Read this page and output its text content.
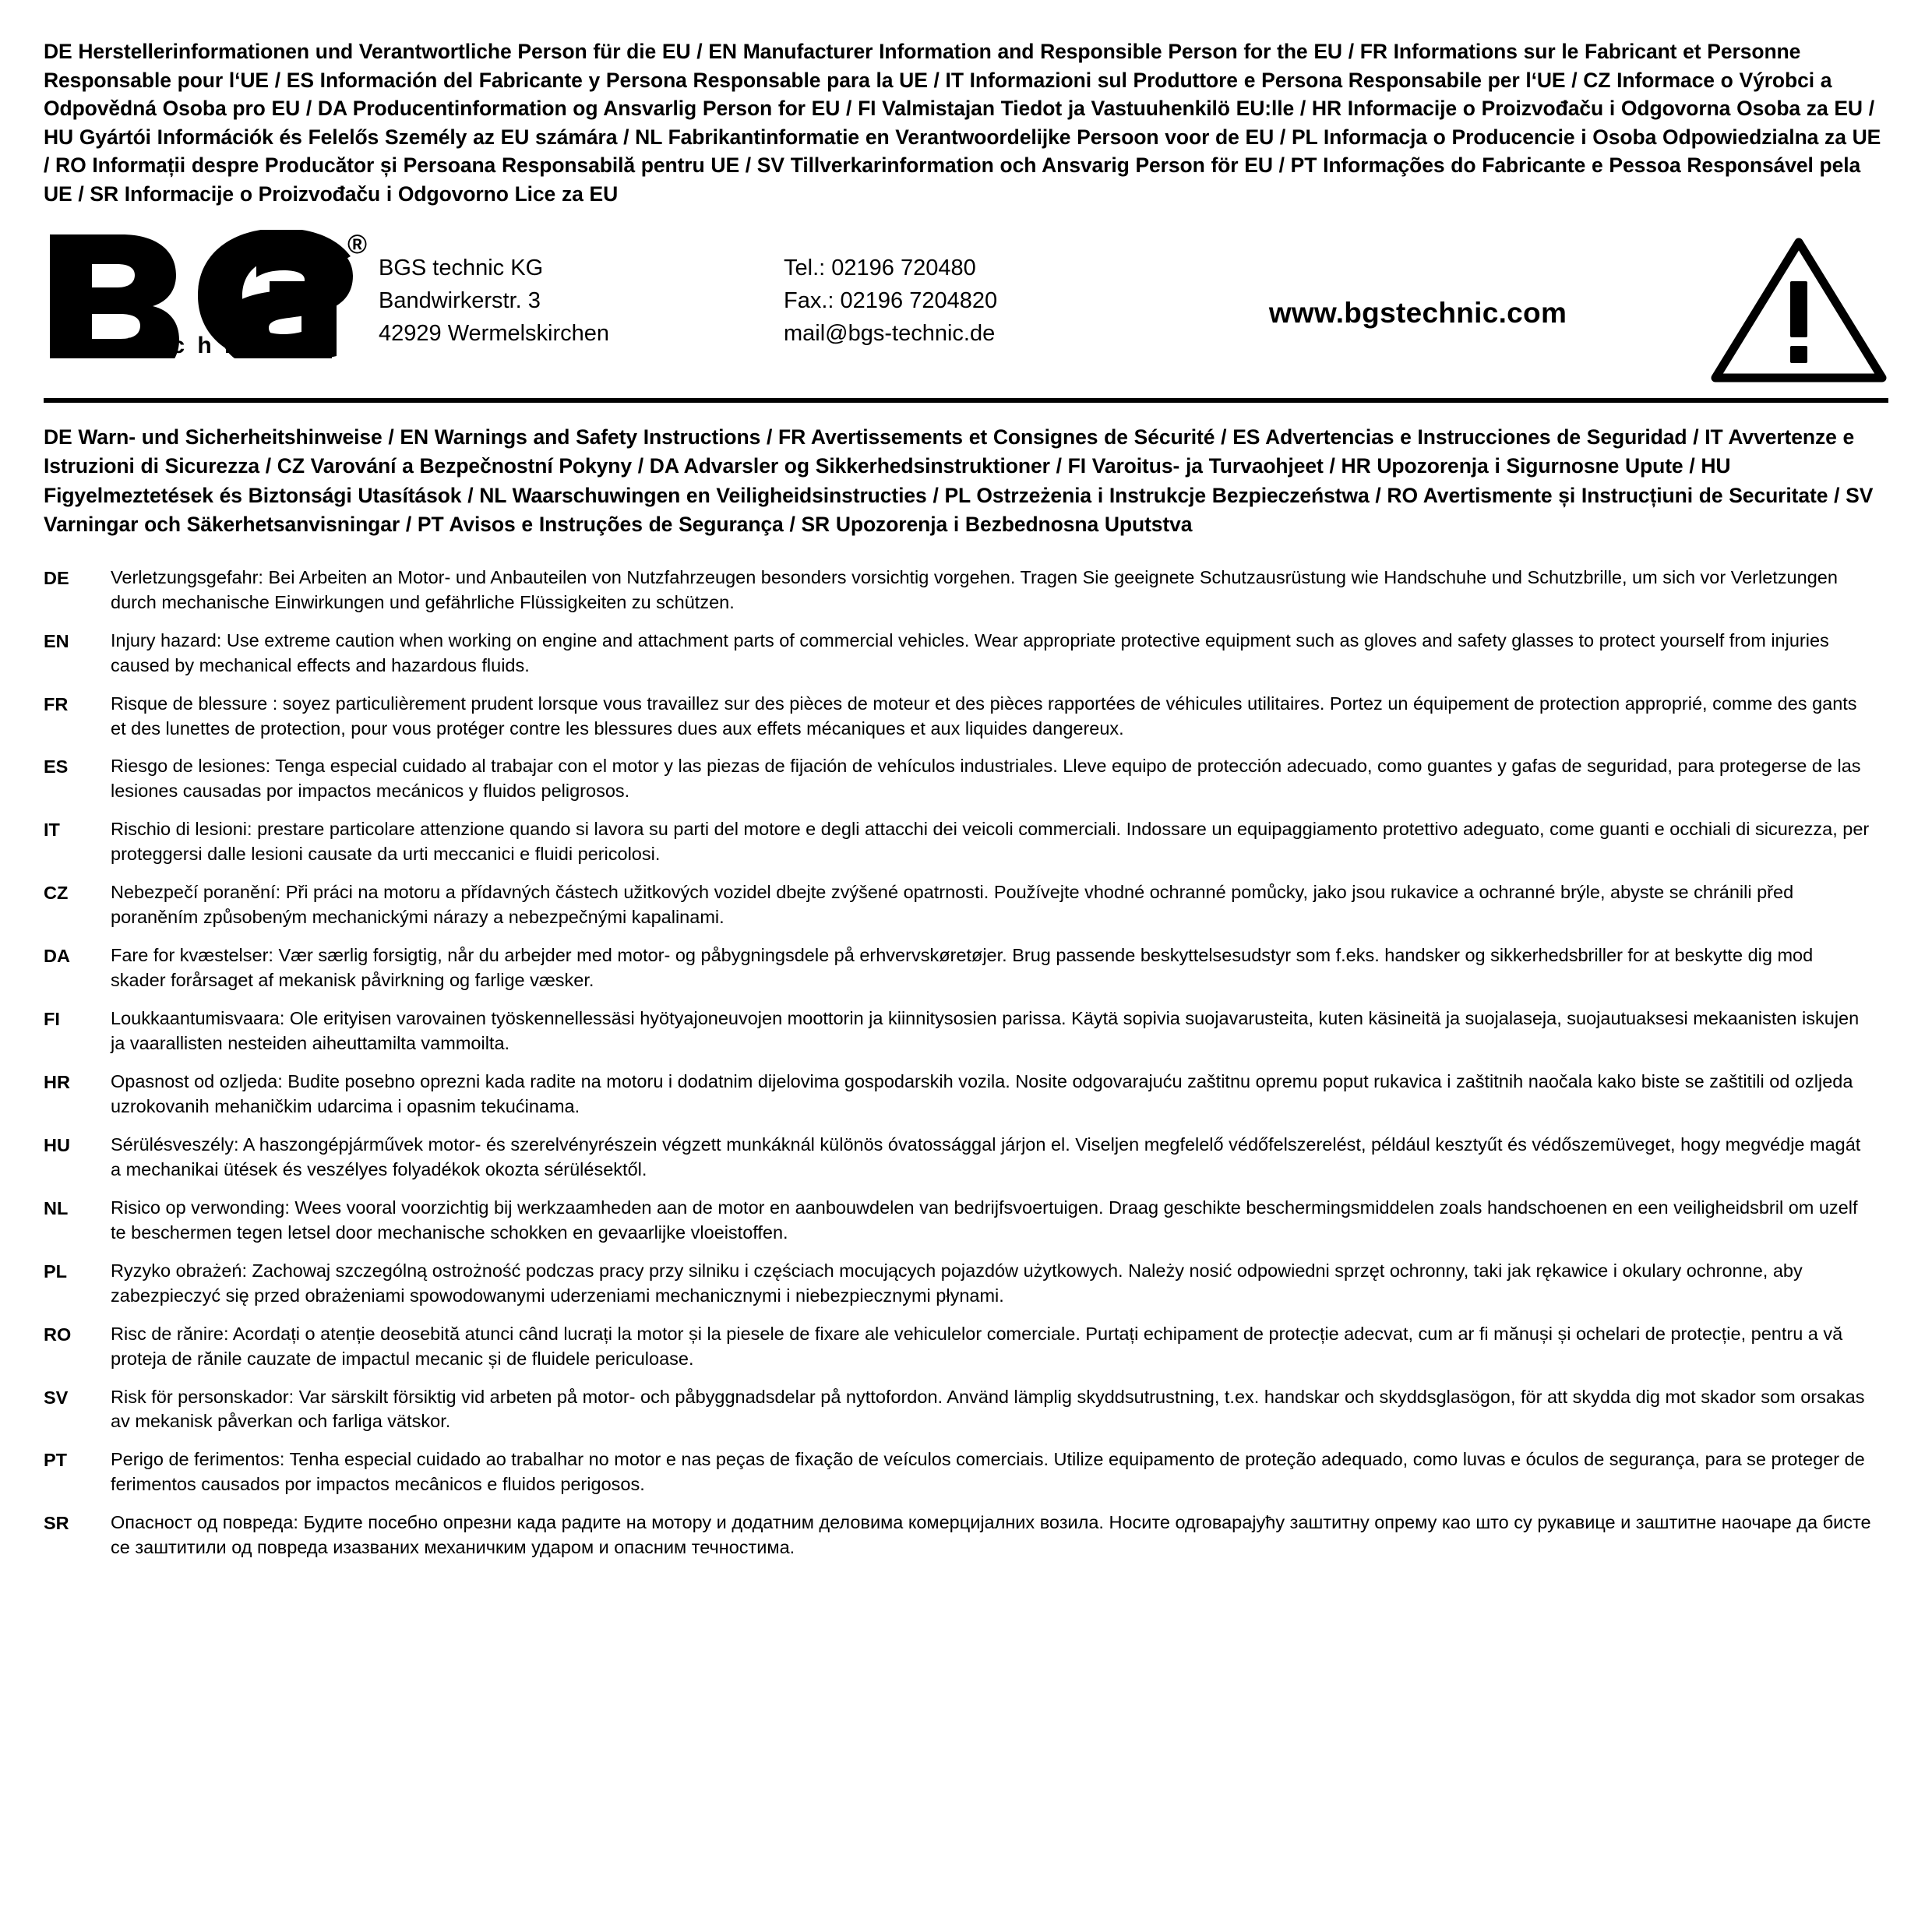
DE Herstellerinformationen und Verantwortliche Person für die EU / EN Manufacturer Information and Responsible Person for the EU / FR Informations sur le Fabricant et Personne Responsable pour l‘UE / ES Información del Fabricante y Persona Responsable para la UE / IT Informazioni sul Produttore e Persona Responsabile per l‘UE / CZ Informace o Výrobci a Odpovědná Osoba pro EU / DA Producentinformation og Ansvarlig Person for EU / FI Valmistajan Tiedot ja Vastuuhenkilö EU:lle / HR Informacije o Proizvođaču i Odgovorna Osoba za EU / HU Gyártói Információk és Felelős Személy az EU számára / NL Fabrikantinformatie en Verantwoordelijke Persoon voor de EU / PL Informacja o Producencie i Osoba Odpowiedzialna za UE / RO Informații despre Producător și Persoana Responsabilă pentru UE / SV Tillverkarinformation och Ansvarig Person för EU / PT Informações do Fabricante e Pessoa Responsável pela UE / SR Informacije o Proizvođaču i Odgovorno Lice za EU
®
t e c h n i c
BGS technic KG
Bandwirkerstr. 3
42929 Wermelskirchen
Tel.: 02196 720480
Fax.: 02196 7204820
mail@bgs-technic.de
www.bgstechnic.com
DE Warn- und Sicherheitshinweise / EN Warnings and Safety Instructions / FR Avertissements et Consignes de Sécurité / ES Advertencias e Instrucciones de Seguridad / IT Avvertenze e Istruzioni di Sicurezza / CZ Varování a Bezpečnostní Pokyny / DA Advarsler og Sikkerhedsinstruktioner / FI Varoitus- ja Turvaohjeet / HR Upozorenja i Sigurnosne Upute / HU Figyelmeztetések és Biztonsági Utasítások / NL Waarschuwingen en Veiligheidsinstructies / PL Ostrzeżenia i Instrukcje Bezpieczeństwa / RO Avertismente și Instrucțiuni de Securitate / SV Varningar och Säkerhetsanvisningar / PT Avisos e Instruções de Segurança / SR Upozorenja i Bezbednosna Uputstva
DE	Verletzungsgefahr: Bei Arbeiten an Motor- und Anbauteilen von Nutzfahrzeugen besonders vorsichtig vorgehen. Tragen Sie geeignete Schutzausrüstung wie Handschuhe und Schutzbrille, um sich vor Verletzungen durch mechanische Einwirkungen und gefährliche Flüssigkeiten zu schützen.
EN	Injury hazard: Use extreme caution when working on engine and attachment parts of commercial vehicles. Wear appropriate protective equipment such as gloves and safety glasses to protect yourself from injuries caused by mechanical effects and hazardous fluids.
FR	Risque de blessure : soyez particulièrement prudent lorsque vous travaillez sur des pièces de moteur et des pièces rapportées de véhicules utilitaires. Portez un équipement de protection approprié, comme des gants et des lunettes de protection, pour vous protéger contre les blessures dues aux effets mécaniques et aux liquides dangereux.
ES	Riesgo de lesiones: Tenga especial cuidado al trabajar con el motor y las piezas de fijación de vehículos industriales. Lleve equipo de protección adecuado, como guantes y gafas de seguridad, para protegerse de las lesiones causadas por impactos mecánicos y fluidos peligrosos.
IT	Rischio di lesioni: prestare particolare attenzione quando si lavora su parti del motore e degli attacchi dei veicoli commerciali. Indossare un equipaggiamento protettivo adeguato, come guanti e occhiali di sicurezza, per proteggersi dalle lesioni causate da urti meccanici e fluidi pericolosi.
CZ	Nebezpečí poranění: Při práci na motoru a přídavných částech užitkových vozidel dbejte zvýšené opatrnosti. Používejte vhodné ochranné pomůcky, jako jsou rukavice a ochranné brýle, abyste se chránili před poraněním způsobeným mechanickými nárazy a nebezpečnými kapalinami.
DA	Fare for kvæstelser: Vær særlig forsigtig, når du arbejder med motor- og påbygningsdele på erhvervskøretøjer. Brug passende beskyttelsesudstyr som f.eks. handsker og sikkerhedsbriller for at beskytte dig mod skader forårsaget af mekanisk påvirkning og farlige væsker.
FI	Loukkaantumisvaara: Ole erityisen varovainen työskennellessäsi hyötyajoneuvojen moottorin ja kiinnitysosien parissa. Käytä sopivia suojavarusteita, kuten käsineitä ja suojalaseja, suojautuaksesi mekaanisten iskujen ja vaarallisten nesteiden aiheuttamilta vammoilta.
HR	Opasnost od ozljeda: Budite posebno oprezni kada radite na motoru i dodatnim dijelovima gospodarskih vozila. Nosite odgovarajuću zaštitnu opremu poput rukavica i zaštitnih naočala kako biste se zaštitili od ozljeda uzrokovanih mehaničkim udarcima i opasnim tekućinama.
HU	Sérülésveszély: A haszongépjárművek motor- és szerelvényrészein végzett munkáknál különös óvatossággal járjon el. Viseljen megfelelő védőfelszerelést, például kesztyűt és védőszemüveget, hogy megvédje magát a mechanikai ütések és veszélyes folyadékok okozta sérülésektől.
NL	Risico op verwonding: Wees vooral voorzichtig bij werkzaamheden aan de motor en aanbouwdelen van bedrijfsvoertuigen. Draag geschikte beschermingsmiddelen zoals handschoenen en een veiligheidsbril om uzelf te beschermen tegen letsel door mechanische schokken en gevaarlijke vloeistoffen.
PL	Ryzyko obrażeń: Zachowaj szczególną ostrożność podczas pracy przy silniku i częściach mocujących pojazdów użytkowych. Należy nosić odpowiedni sprzęt ochronny, taki jak rękawice i okulary ochronne, aby zabezpieczyć się przed obrażeniami spowodowanymi uderzeniami mechanicznymi i niebezpiecznymi płynami.
RO	Risc de rănire: Acordați o atenție deosebită atunci când lucrați la motor și la piesele de fixare ale vehiculelor comerciale. Purtați echipament de protecție adecvat, cum ar fi mănuși și ochelari de protecție, pentru a vă proteja de rănile cauzate de impactul mecanic și de fluidele periculoase.
SV	Risk för personskador: Var särskilt försiktig vid arbeten på motor- och påbyggnadsdelar på nyttofordon. Använd lämplig skyddsutrustning, t.ex. handskar och skyddsglasögon, för att skydda dig mot skador som orsakas av mekanisk påverkan och farliga vätskor.
PT	Perigo de ferimentos: Tenha especial cuidado ao trabalhar no motor e nas peças de fixação de veículos comerciais. Utilize equipamento de proteção adequado, como luvas e óculos de segurança, para se proteger de ferimentos causados por impactos mecânicos e fluidos perigosos.
SR	Опасност од повреда: Будите посебно опрезни када радите на мотору и додатним деловима комерцијалних возила. Носите одговарајућу заштитну опрему као што су рукавице и заштитне наочаре да бисте се заштитили од повреда изазваних механичким ударом и опасним течностима.
